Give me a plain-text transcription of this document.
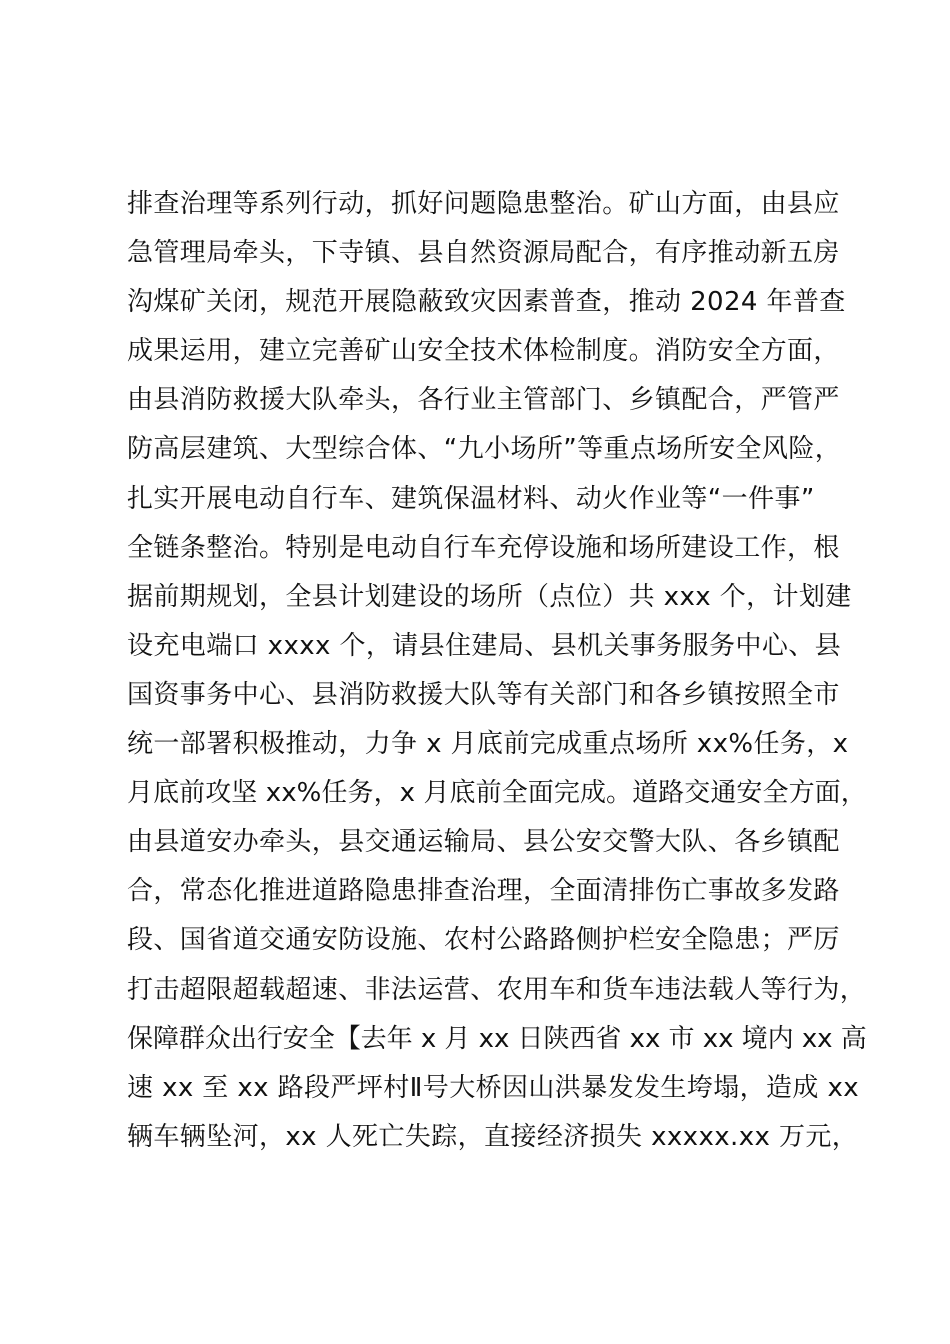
排查治理等系列行动，抓好问题隐患整治。矿山方面，由县应
急管理局牵头，下寺镇、县自然资源局配合，有序推动新五房
沟煤矿关闭，规范开展隐蔽致灾因素普查，推动 2024 年普查
成果运用，建立完善矿山安全技术体检制度。消防安全方面，
由县消防救援大队牵头，各行业主管部门、乡镇配合，严管严
防高层建筑、大型综合体、“九小场所”等重点场所安全风险，
扎实开展电动自行车、建筑保温材料、动火作业等“一件事”
全链条整治。特别是电动自行车充停设施和场所建设工作，根
据前期规划，全县计划建设的场所（点位）共 xxx 个，计划建
设充电端口 xxxx 个，请县住建局、县机关事务服务中心、县
国资事务中心、县消防救援大队等有关部门和各乡镇按照全市
统一部署积极推动，力争 x 月底前完成重点场所 xx%任务，x
月底前攻坚 xx%任务，x 月底前全面完成。道路交通安全方面，
由县道安办牵头，县交通运输局、县公安交警大队、各乡镇配
合，常态化推进道路隐患排查治理，全面清排伤亡事故多发路
段、国省道交通安防设施、农村公路路侧护栏安全隐患；严厉
打击超限超载超速、非法运营、农用车和货车违法载人等行为，
保障群众出行安全【去年 x 月 xx 日陕西省 xx 市 xx 境内 xx 高
速 xx 至 xx 路段严坪村Ⅱ号大桥因山洪暴发发生垮塌，造成 xx
辆车辆坠河，xx 人死亡失踪，直接经济损失 xxxxx.xx 万元，
